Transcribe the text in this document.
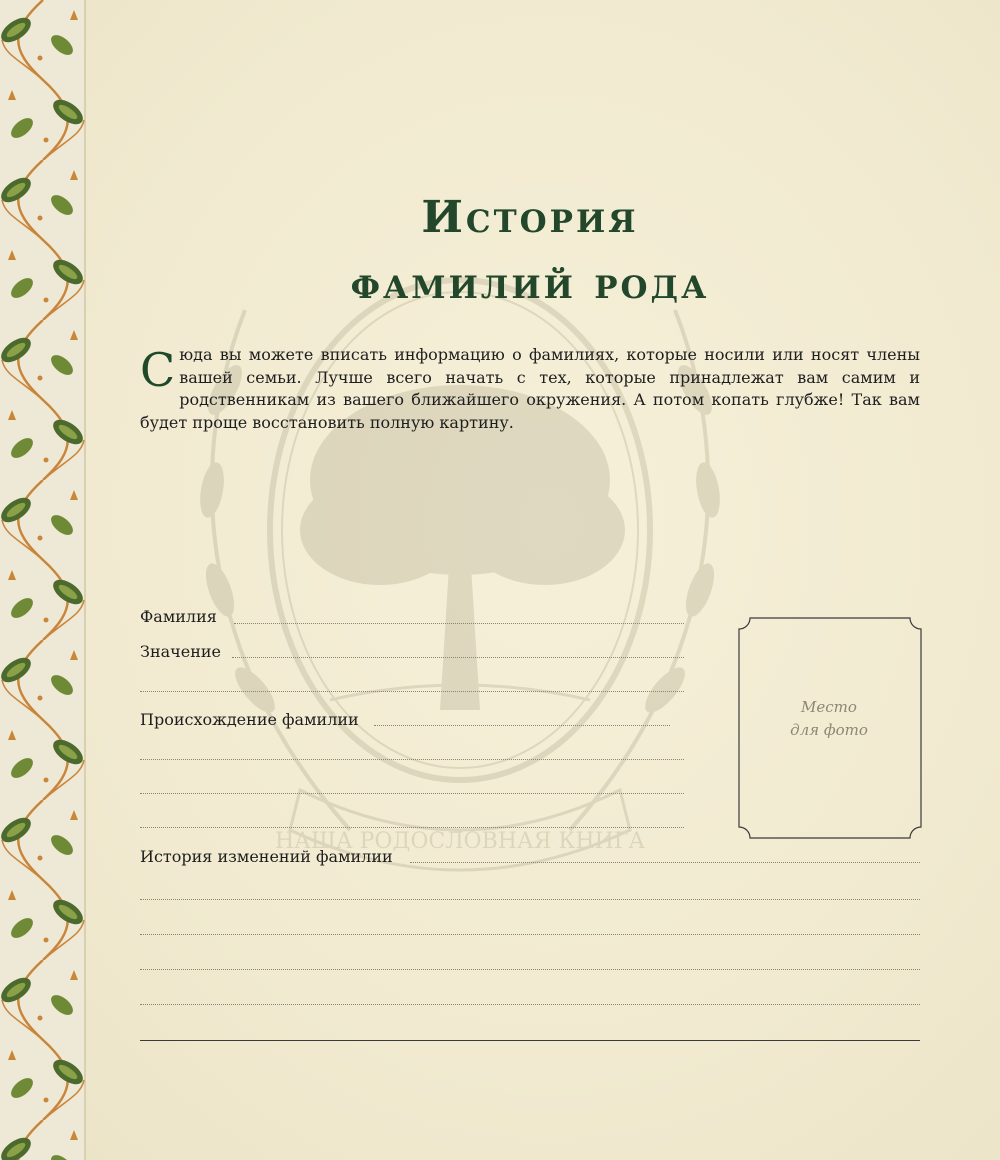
НАША РОДОСЛОВНАЯ КНИГА
История
фамилий рода

Сюда вы можете вписать информацию о фамилиях, которые носили или носят члены вашей семьи. Лучше всего начать с тех, которые принадлежат вам самим и родственникам из вашего ближайшего окружения. А потом копать глубже! Так вам будет проще восстановить полную картину.

Фамилия
Значение
Происхождение фамилии
История изменений фамилии
Место
для фото
